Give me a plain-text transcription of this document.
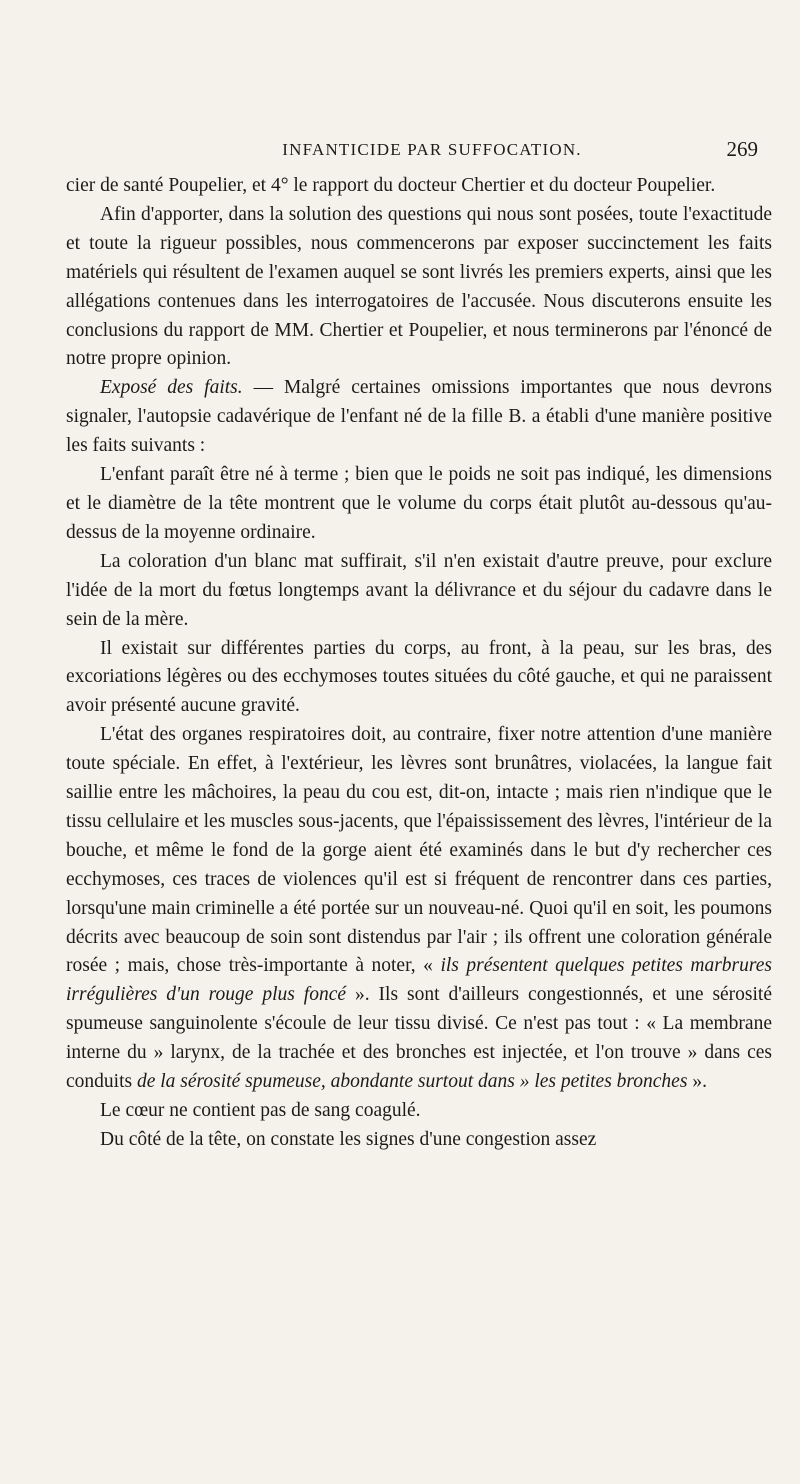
INFANTICIDE PAR SUFFOCATION.	269

cier de santé Poupelier, et 4° le rapport du docteur Chertier et du docteur Poupelier.

Afin d'apporter, dans la solution des questions qui nous sont posées, toute l'exactitude et toute la rigueur possibles, nous commencerons par exposer succinctement les faits matériels qui résultent de l'examen auquel se sont livrés les premiers experts, ainsi que les allégations contenues dans les interrogatoires de l'accusée. Nous discuterons ensuite les conclusions du rapport de MM. Chertier et Poupelier, et nous terminerons par l'énoncé de notre propre opinion.

Exposé des faits. — Malgré certaines omissions importantes que nous devrons signaler, l'autopsie cadavérique de l'enfant né de la fille B. a établi d'une manière positive les faits suivants :

L'enfant paraît être né à terme ; bien que le poids ne soit pas indiqué, les dimensions et le diamètre de la tête montrent que le volume du corps était plutôt au-dessous qu'au-dessus de la moyenne ordinaire.

La coloration d'un blanc mat suffirait, s'il n'en existait d'autre preuve, pour exclure l'idée de la mort du fœtus longtemps avant la délivrance et du séjour du cadavre dans le sein de la mère.

Il existait sur différentes parties du corps, au front, à la peau, sur les bras, des excoriations légères ou des ecchymoses toutes situées du côté gauche, et qui ne paraissent avoir présenté aucune gravité.

L'état des organes respiratoires doit, au contraire, fixer notre attention d'une manière toute spéciale. En effet, à l'extérieur, les lèvres sont brunâtres, violacées, la langue fait saillie entre les mâchoires, la peau du cou est, dit-on, intacte ; mais rien n'indique que le tissu cellulaire et les muscles sous-jacents, que l'épaississement des lèvres, l'intérieur de la bouche, et même le fond de la gorge aient été examinés dans le but d'y rechercher ces ecchymoses, ces traces de violences qu'il est si fréquent de rencontrer dans ces parties, lorsqu'une main criminelle a été portée sur un nouveau-né. Quoi qu'il en soit, les poumons décrits avec beaucoup de soin sont distendus par l'air ; ils offrent une coloration générale rosée ; mais, chose très-importante à noter, « ils présentent quelques petites marbrures irrégulières d'un rouge plus foncé ». Ils sont d'ailleurs congestionnés, et une sérosité spumeuse sanguinolente s'écoule de leur tissu divisé. Ce n'est pas tout : « La membrane interne du » larynx, de la trachée et des bronches est injectée, et l'on trouve » dans ces conduits de la sérosité spumeuse, abondante surtout dans » les petites bronches ».

Le cœur ne contient pas de sang coagulé.

Du côté de la tête, on constate les signes d'une congestion assez
